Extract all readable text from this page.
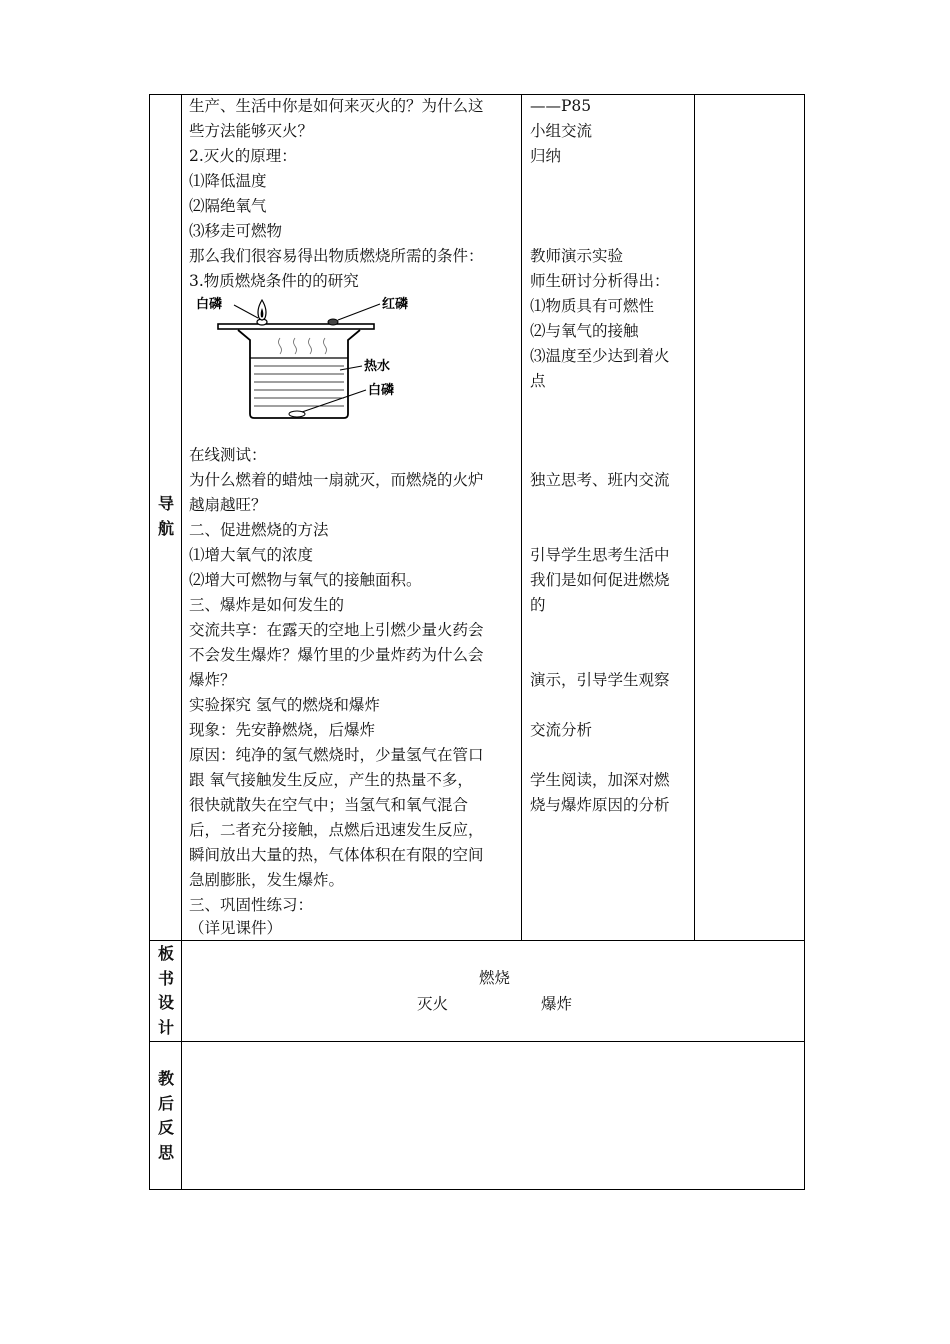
导
航
板
书
设
计
教
后
反
思
生产、生活中你是如何来灭火的？为什么这
些方法能够灭火？
2.灭火的原理：
⑴降低温度
⑵隔绝氧气
⑶移走可燃物
那么我们很容易得出物质燃烧所需的条件：
3.物质燃烧条件的的研究
在线测试：
为什么燃着的蜡烛一扇就灭，而燃烧的火炉
越扇越旺？
二、促进燃烧的方法
⑴增大氧气的浓度
⑵增大可燃物与氧气的接触面积。
三、爆炸是如何发生的
交流共享：在露天的空地上引燃少量火药会
不会发生爆炸？爆竹里的少量炸药为什么会
爆炸？
实验探究 氢气的燃烧和爆炸
现象：先安静燃烧，后爆炸
原因：纯净的氢气燃烧时，少量氢气在管口
跟 氧气接触发生反应，产生的热量不多，
很快就散失在空气中；当氢气和氧气混合
后，二者充分接触，点燃后迅速发生反应，
瞬间放出大量的热，气体体积在有限的空间
急剧膨胀，发生爆炸。
三、巩固性练习：
（详见课件）
白磷	红磷
热水
白磷
——P85
小组交流
归纳
教师演示实验
师生研讨分析得出：
⑴物质具有可燃性
⑵与氧气的接触
⑶温度至少达到着火
点
独立思考、班内交流
引导学生思考生活中
我们是如何促进燃烧
的
演示，引导学生观察
交流分析
学生阅读，加深对燃
烧与爆炸原因的分析
燃烧
灭火	爆炸
